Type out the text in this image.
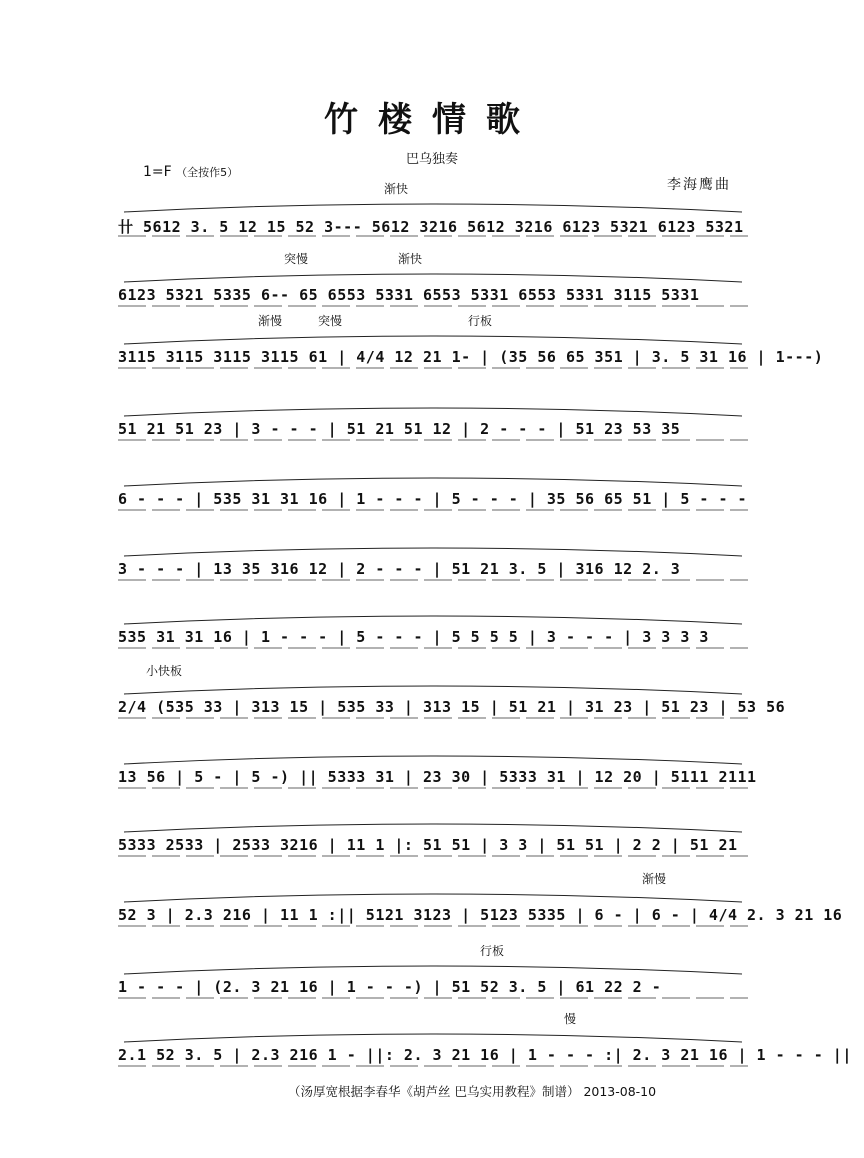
竹楼情歌
巴乌独奏
1=F （全按作5）
李海鹰曲
卄 5612 3. 5 12 15 52 3--- 5612 3216 5612 3216 6123 5321 6123 5321
渐快
6123 5321 5335 6-- 65 6553 5331 6553 5331 6553 5331 3115 5331
突慢	渐快
3115 3115 3115 3115 61 | 4/4 12 21 1- | (35 56 65 351 | 3. 5 31 16 | 1---)
渐慢	突慢	行板
51 21 51 23 | 3 - - - | 51 21 51 12 | 2 - - - | 51 23 53 35
6 - - - | 535 31 31 16 | 1 - - - | 5 - - - | 35 56 65 51 | 5 - - -
3 - - - | 13 35 316 12 | 2 - - - | 51 21 3. 5 | 316 12 2. 3
535 31 31 16 | 1 - - - | 5 - - - | 5 5 5 5 | 3 - - - | 3 3 3 3
2/4 (535 33 | 313 15 | 535 33 | 313 15 | 51 21 | 31 23 | 51 23 | 53 56
小快板
13 56 | 5 - | 5 -) || 5333 31 | 23 30 | 5333 31 | 12 20 | 5111 2111
5333 2533 | 2533 3216 | 11 1 |: 51 51 | 3 3 | 51 51 | 2 2 | 51 21
52 3 | 2.3 216 | 11 1 :|| 5121 3123 | 5123 5335 | 6 - | 6 - | 4/4 2. 3 21 16
渐慢
1 - - - | (2. 3 21 16 | 1 - - -) | 51 52 3. 5 | 61 22 2 -
行板
2.1 52 3. 5 | 2.3 216 1 - ||: 2. 3 21 16 | 1 - - - :| 2. 3 21 16 | 1 - - - ||
慢
（汤厚宽根据李春华《胡芦丝 巴乌实用教程》制谱） 2013-08-10
